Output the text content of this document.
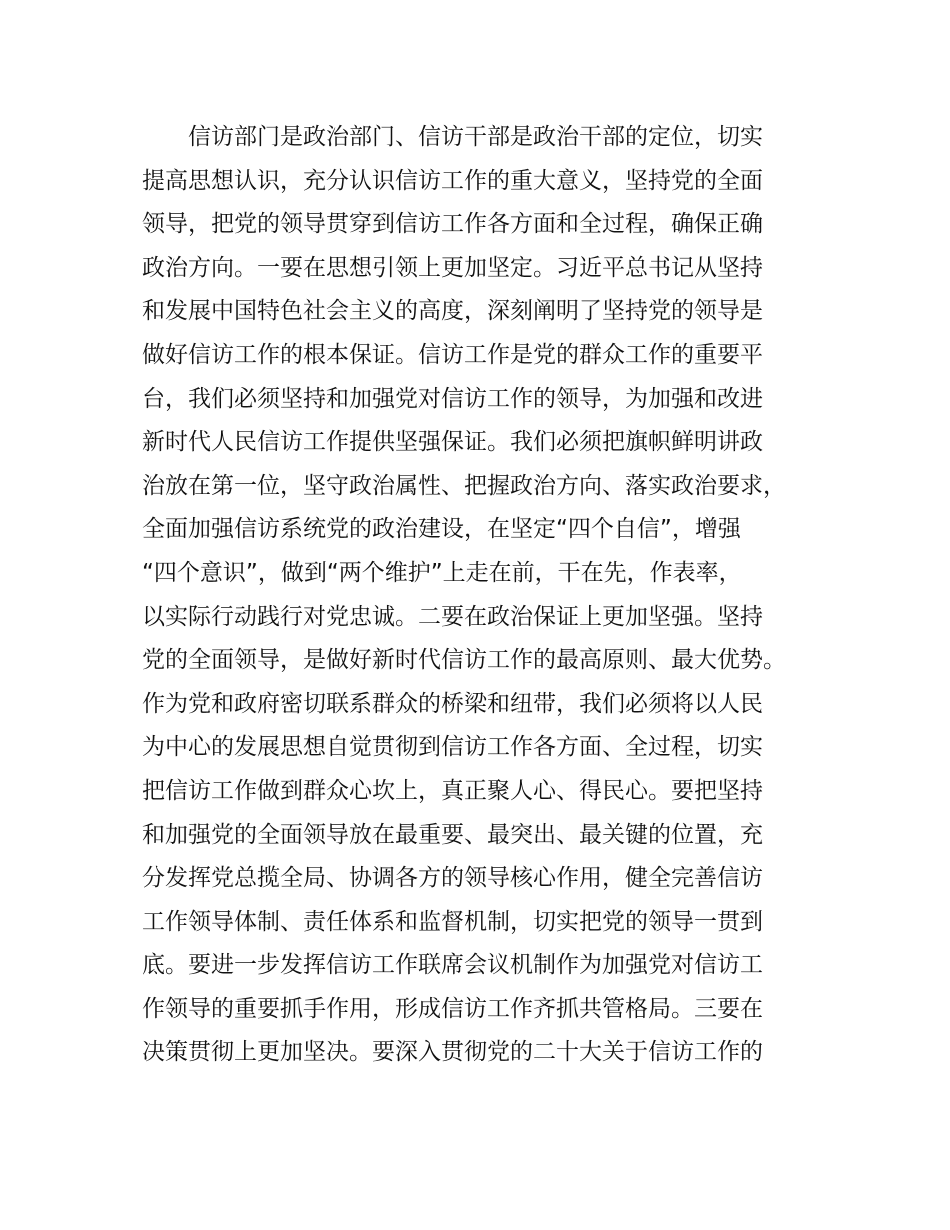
信访部门是政治部门、信访干部是政治干部的定位，切实
提高思想认识，充分认识信访工作的重大意义，坚持党的全面
领导，把党的领导贯穿到信访工作各方面和全过程，确保正确
政治方向。一要在思想引领上更加坚定。习近平总书记从坚持
和发展中国特色社会主义的高度，深刻阐明了坚持党的领导是
做好信访工作的根本保证。信访工作是党的群众工作的重要平
台，我们必须坚持和加强党对信访工作的领导，为加强和改进
新时代人民信访工作提供坚强保证。我们必须把旗帜鲜明讲政
治放在第一位，坚守政治属性、把握政治方向、落实政治要求，
全面加强信访系统党的政治建设，在坚定“四个自信”，增强
“四个意识”，做到“两个维护”上走在前，干在先，作表率，
以实际行动践行对党忠诚。二要在政治保证上更加坚强。坚持
党的全面领导，是做好新时代信访工作的最高原则、最大优势。
作为党和政府密切联系群众的桥梁和纽带，我们必须将以人民
为中心的发展思想自觉贯彻到信访工作各方面、全过程，切实
把信访工作做到群众心坎上，真正聚人心、得民心。要把坚持
和加强党的全面领导放在最重要、最突出、最关键的位置，充
分发挥党总揽全局、协调各方的领导核心作用，健全完善信访
工作领导体制、责任体系和监督机制，切实把党的领导一贯到
底。要进一步发挥信访工作联席会议机制作为加强党对信访工
作领导的重要抓手作用，形成信访工作齐抓共管格局。三要在
决策贯彻上更加坚决。要深入贯彻党的二十大关于信访工作的
